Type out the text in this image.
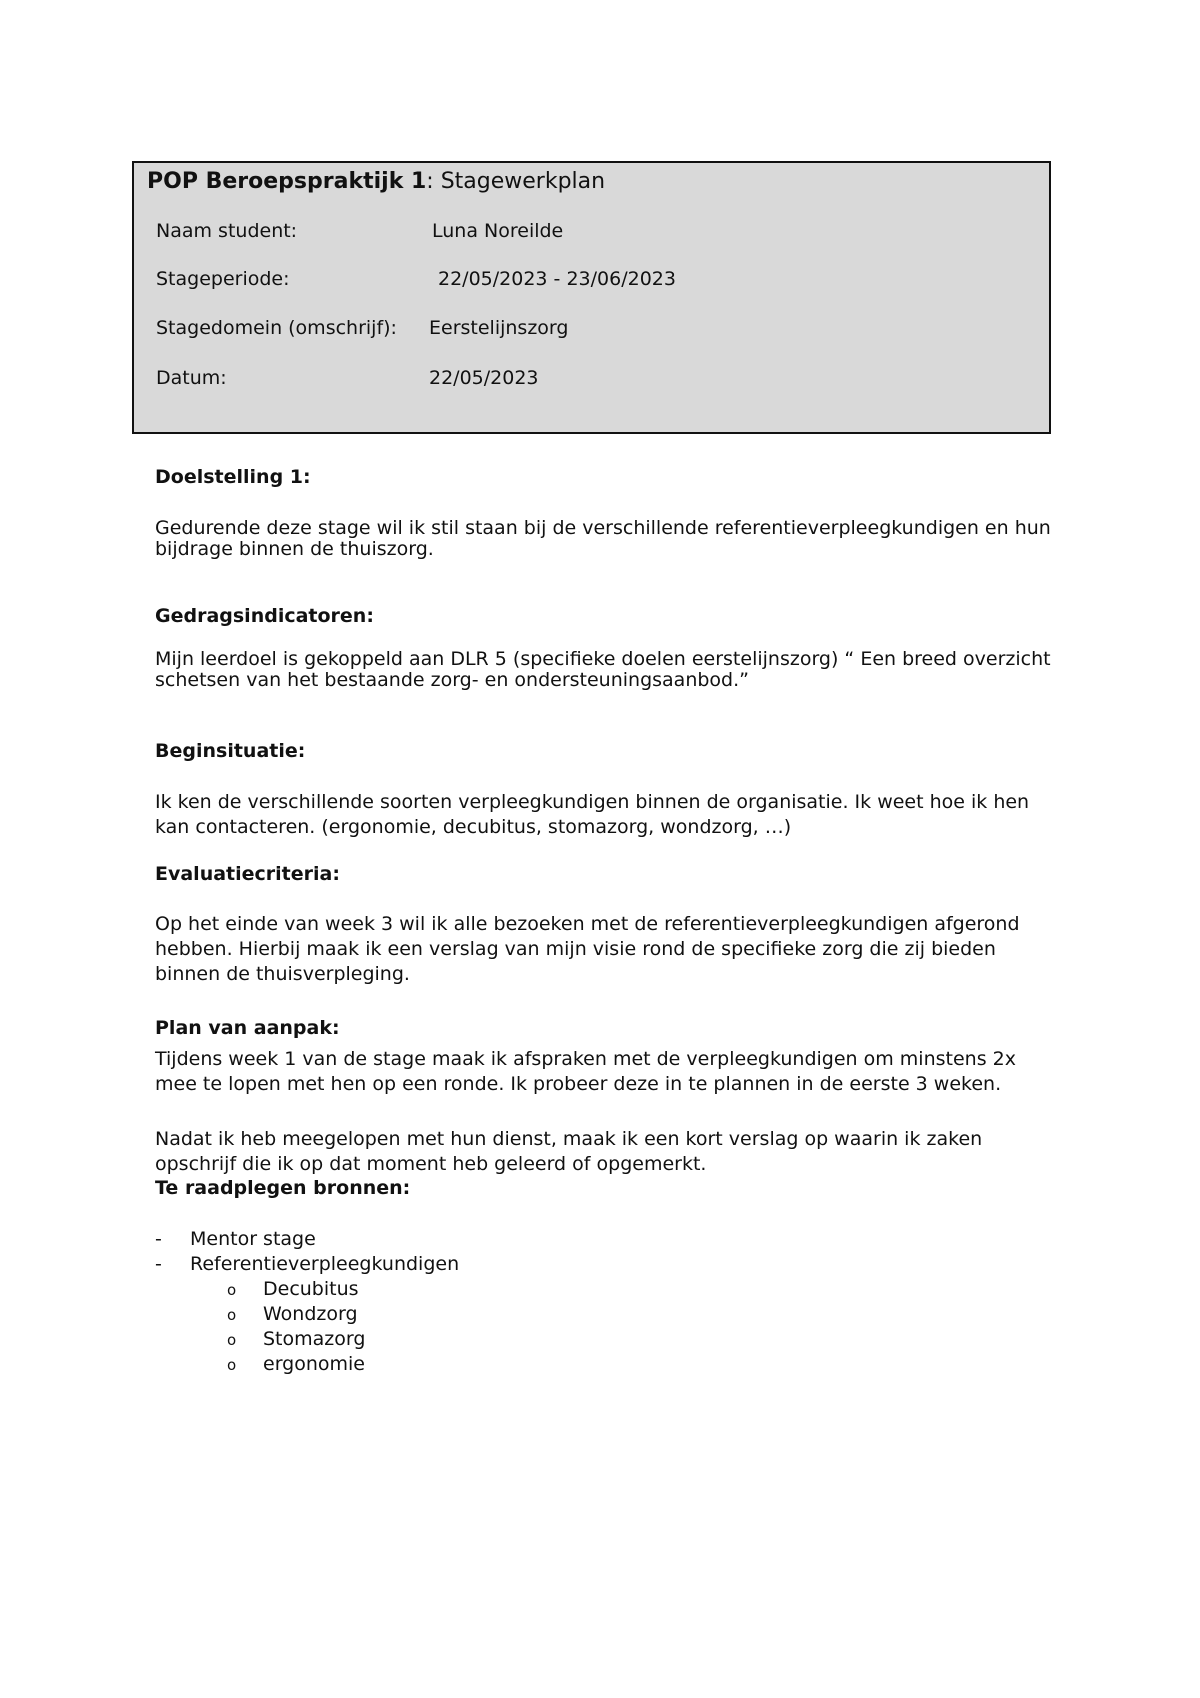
POP Beroepspraktijk 1: Stagewerkplan
Naam student:	Luna Noreilde
Stageperiode:	22/05/2023 - 23/06/2023
Stagedomein (omschrijf): Eerstelijnszorg
Datum:	22/05/2023
Doelstelling 1:
Gedurende deze stage wil ik stil staan bij de verschillende referentieverpleegkundigen en hun bijdrage binnen de thuiszorg.
Gedragsindicatoren:
Mijn leerdoel is gekoppeld aan DLR 5 (specifieke doelen eerstelijnszorg) “ Een breed overzicht schetsen van het bestaande zorg- en ondersteuningsaanbod.”
Beginsituatie:
Ik ken de verschillende soorten verpleegkundigen binnen de organisatie. Ik weet hoe ik hen kan contacteren. (ergonomie, decubitus, stomazorg, wondzorg, …)
Evaluatiecriteria:
Op het einde van week 3 wil ik alle bezoeken met de referentieverpleegkundigen afgerond hebben. Hierbij maak ik een verslag van mijn visie rond de specifieke zorg die zij bieden binnen de thuisverpleging.
Plan van aanpak:
Tijdens week 1 van de stage maak ik afspraken met de verpleegkundigen om minstens 2x mee te lopen met hen op een ronde. Ik probeer deze in te plannen in de eerste 3 weken.
Nadat ik heb meegelopen met hun dienst, maak ik een kort verslag op waarin ik zaken opschrijf die ik op dat moment heb geleerd of opgemerkt.
Te raadplegen bronnen:
- Mentor stage
- Referentieverpleegkundigen
o Decubitus
o Wondzorg
o Stomazorg
o ergonomie
